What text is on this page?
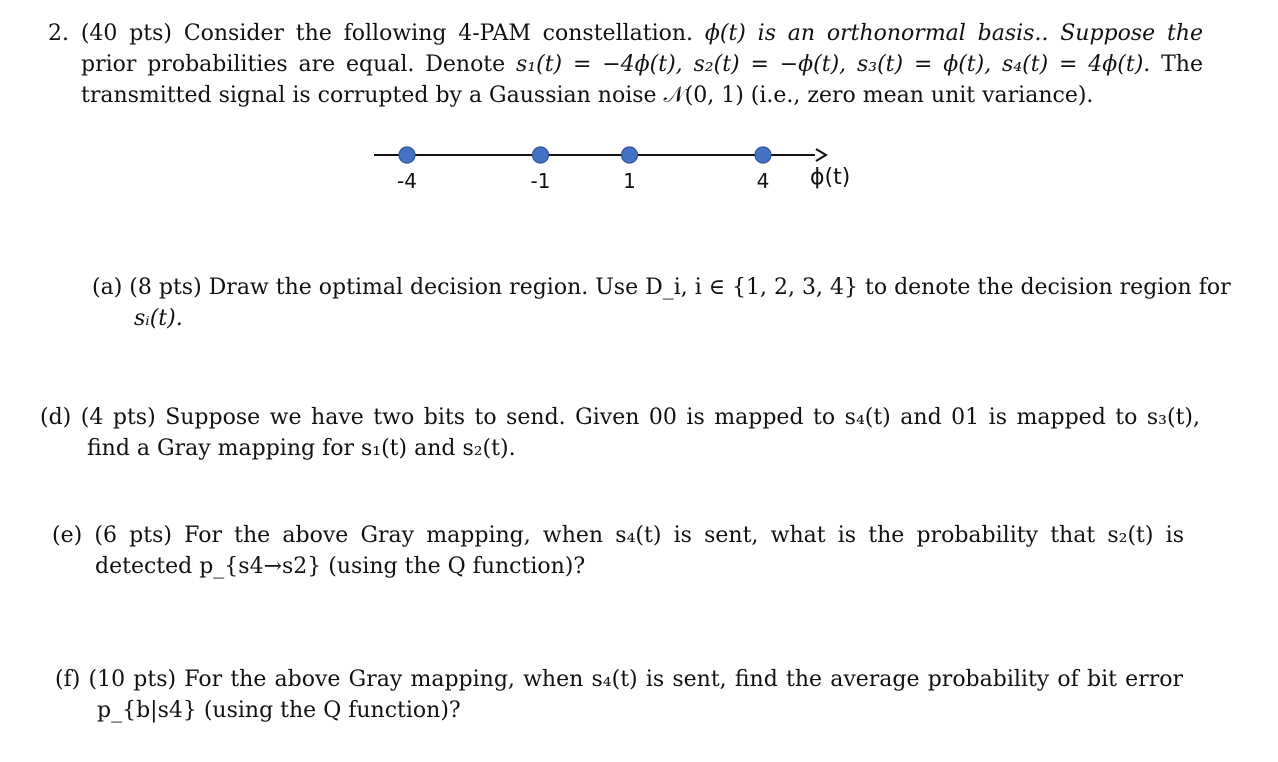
2. (40 pts) Consider the following 4-PAM constellation. ϕ(t) is an orthonormal basis.. Suppose the
prior probabilities are equal. Denote s₁(t) = −4ϕ(t), s₂(t) = −ϕ(t), s₃(t) = ϕ(t), s₄(t) = 4ϕ(t). The
transmitted signal is corrupted by a Gaussian noise 𝒩(0, 1) (i.e., zero mean unit variance).
-4	-1	1	4 ϕ(t)
(a) (8 pts) Draw the optimal decision region. Use D_i, i ∈ {1, 2, 3, 4} to denote the decision region for
sᵢ(t).
(d) (4 pts) Suppose we have two bits to send. Given 00 is mapped to s₄(t) and 01 is mapped to s₃(t),
find a Gray mapping for s₁(t) and s₂(t).
(e) (6 pts) For the above Gray mapping, when s₄(t) is sent, what is the probability that s₂(t) is
detected p_{s4→s2} (using the Q function)?
(f) (10 pts) For the above Gray mapping, when s₄(t) is sent, find the average probability of bit error
p_{b|s4} (using the Q function)?
